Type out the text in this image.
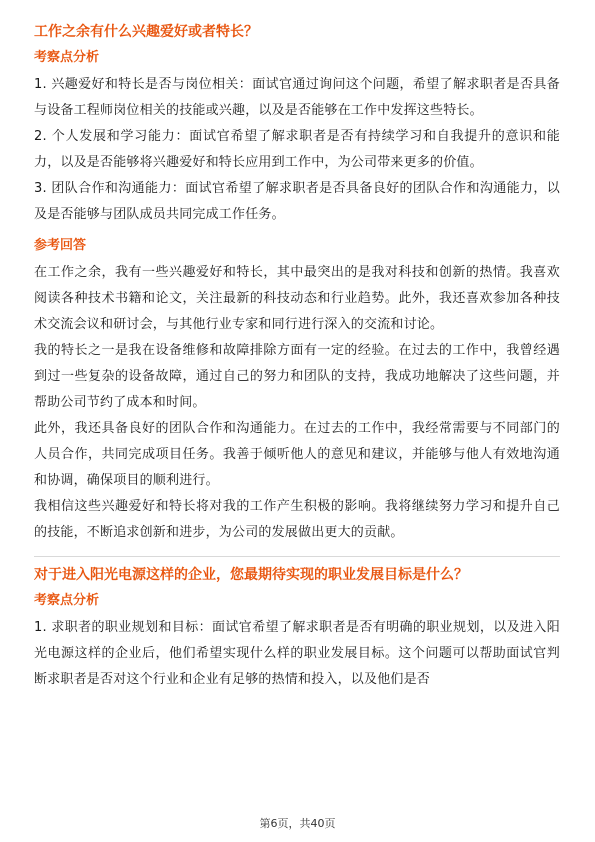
工作之余有什么兴趣爱好或者特长？
考察点分析

1. 兴趣爱好和特长是否与岗位相关：面试官通过询问这个问题，希望了解求职者是否具备与设备工程师岗位相关的技能或兴趣，以及是否能够在工作中发挥这些特长。

2. 个人发展和学习能力：面试官希望了解求职者是否有持续学习和自我提升的意识和能力，以及是否能够将兴趣爱好和特长应用到工作中，为公司带来更多的价值。

3. 团队合作和沟通能力：面试官希望了解求职者是否具备良好的团队合作和沟通能力，以及是否能够与团队成员共同完成工作任务。

参考回答

在工作之余，我有一些兴趣爱好和特长，其中最突出的是我对科技和创新的热情。我喜欢阅读各种技术书籍和论文，关注最新的科技动态和行业趋势。此外，我还喜欢参加各种技术交流会议和研讨会，与其他行业专家和同行进行深入的交流和讨论。

我的特长之一是我在设备维修和故障排除方面有一定的经验。在过去的工作中，我曾经遇到过一些复杂的设备故障，通过自己的努力和团队的支持，我成功地解决了这些问题，并帮助公司节约了成本和时间。

此外，我还具备良好的团队合作和沟通能力。在过去的工作中，我经常需要与不同部门的人员合作，共同完成项目任务。我善于倾听他人的意见和建议，并能够与他人有效地沟通和协调，确保项目的顺利进行。

我相信这些兴趣爱好和特长将对我的工作产生积极的影响。我将继续努力学习和提升自己的技能，不断追求创新和进步，为公司的发展做出更大的贡献。

对于进入阳光电源这样的企业，您最期待实现的职业发展目标是什么？
考察点分析

1. 求职者的职业规划和目标：面试官希望了解求职者是否有明确的职业规划，以及进入阳光电源这样的企业后，他们希望实现什么样的职业发展目标。这个问题可以帮助面试官判断求职者是否对这个行业和企业有足够的热情和投入，以及他们是否

第6页，共40页
